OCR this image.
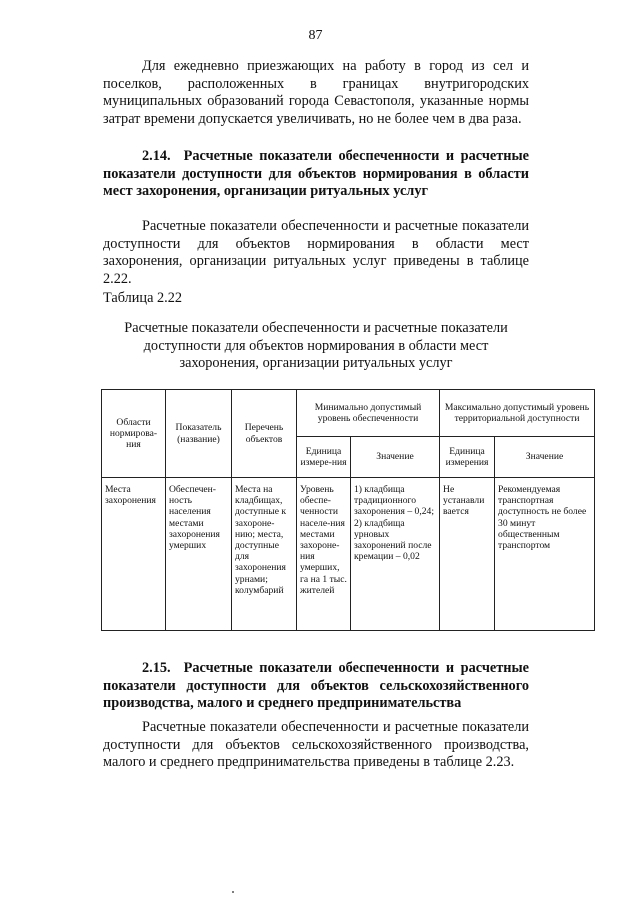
87

Для ежедневно приезжающих на работу в город из сел и поселков, расположенных в границах внутригородских муниципальных образований города Севастополя, указанные нормы затрат времени допускается увеличивать, но не более чем в два раза.

2.14. Расчетные показатели обеспеченности и расчетные показатели доступности для объектов нормирования в области мест захоронения, организации ритуальных услуг

Расчетные показатели обеспеченности и расчетные показатели доступности для объектов нормирования в области мест захоронения, организации ритуальных услуг приведены в таблице 2.22.

Таблица 2.22
Расчетные показатели обеспеченности и расчетные показатели доступности для объектов нормирования в области мест захоронения, организации ритуальных услуг
Области нормирова-ния	Показатель (название)	Перечень объектов	Минимально допустимый уровень обеспеченности		Максимально допустимый уровень территориальной доступности	
			Единица измере-ния	Значение	Единица измерения	Значение
Места захоронения	Обеспечен-ность населения местами захоронения умерших	Места на кладбищах, доступные к захороне-нию; места, доступные для захоронения урнами; колумбарий	Уровень обеспе-ченности населе-ния местами захороне-ния умерших, га на 1 тыс. жителей	1) кладбища традиционного захоронения – 0,24; 2) кладбища урновых захоронений после кремации – 0,02	Не устанавли вается	Рекомендуемая транспортная доступность не более 30 минут общественным транспортом

2.15. Расчетные показатели обеспеченности и расчетные показатели доступности для объектов сельскохозяйственного производства, малого и среднего предпринимательства

Расчетные показатели обеспеченности и расчетные показатели доступности для объектов сельскохозяйственного производства, малого и среднего предпринимательства приведены в таблице 2.23.
